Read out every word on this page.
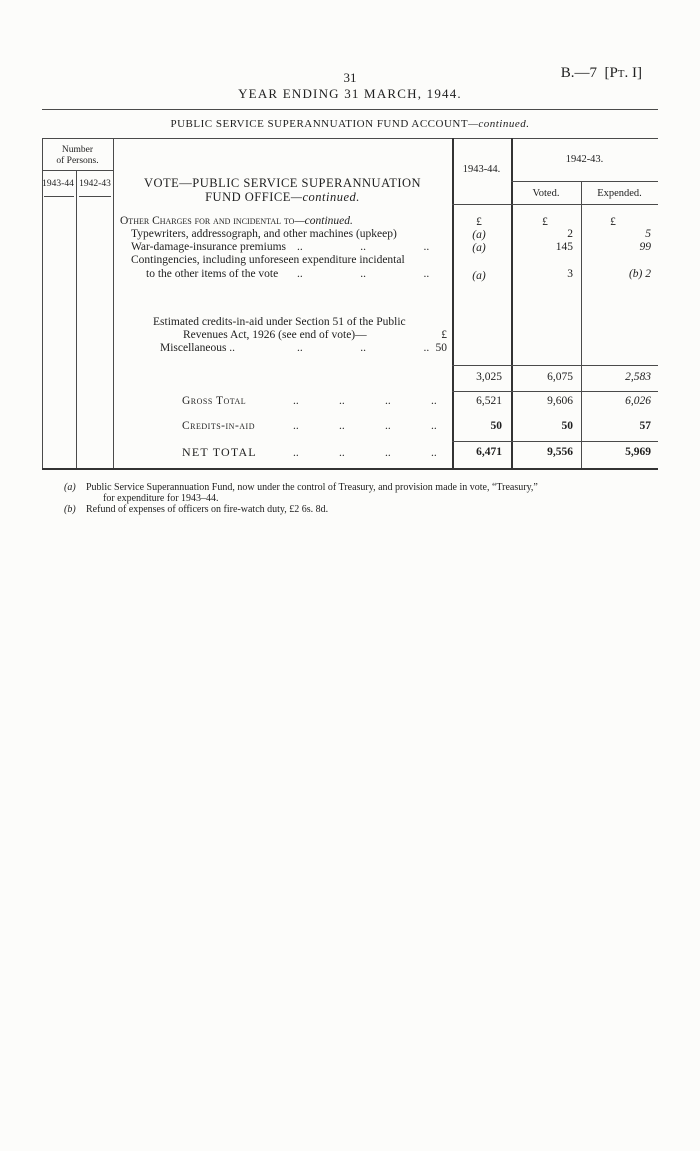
31	B.—7  [Pt. I]
YEAR ENDING 31 MARCH, 1944.
PUBLIC SERVICE SUPERANNUATION FUND ACCOUNT—continued.
Number
of Persons.
1943-44 1942-43	VOTE—PUBLIC SERVICE SUPERANNUATION
FUND OFFICE—continued.
1943-44.
1942-43.
Voted.	Expended.
£	£	£
Other Charges for and incidental to—continued.
Typewriters, addressograph, and other machines (upkeep)	(a)	2	5
War-damage-insurance premiums ..                    ..                    ..	(a)	145	99
Contingencies, including unforeseen expenditure incidental
to the other items of the vote ..                    ..                    ..	(a)	3	(b) 2
Estimated credits-in-aid under Section 51 of the Public
Revenues Act, 1926 (see end of vote)—	£
Miscellaneous ..	..                    ..                    .. 50
3,025	6,075	2,583
Gross Total	..              ..              ..              ..	6,521	9,606	6,026
Credits-in-aid	..              ..              ..              ..	50	50	57
NET TOTAL	..              ..              ..              ..	6,471	9,556	5,969
(a) Public Service Superannuation Fund, now under the control of Treasury, and provision made in vote, “Treasury,”
for expenditure for 1943–44.
(b) Refund of expenses of officers on fire-watch duty, £2 6s. 8d.
